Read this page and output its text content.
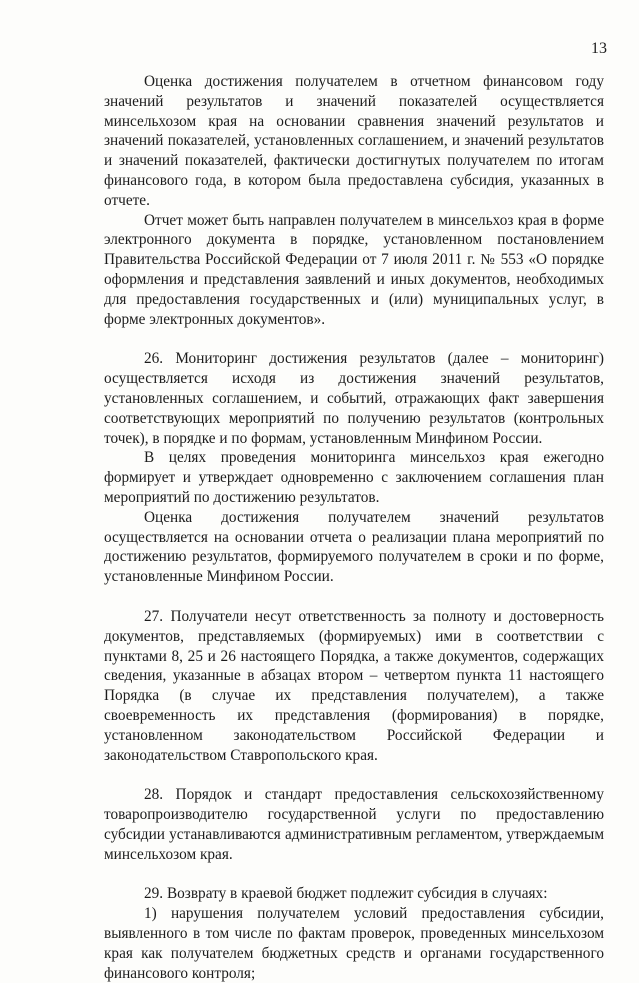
13

Оценка достижения получателем в отчетном финансовом году значений результатов и значений показателей осуществляется минсельхозом края на основании сравнения значений результатов и значений показателей, установленных соглашением, и значений результатов и значений показателей, фактически достигнутых получателем по итогам финансового года, в котором была предоставлена субсидия, указанных в отчете.

Отчет может быть направлен получателем в минсельхоз края в форме электронного документа в порядке, установленном постановлением Правительства Российской Федерации от 7 июля 2011 г. № 553 «О порядке оформления и представления заявлений и иных документов, необходимых для предоставления государственных и (или) муниципальных услуг, в форме электронных документов».

26. Мониторинг достижения результатов (далее – мониторинг) осуществляется исходя из достижения значений результатов, установленных соглашением, и событий, отражающих факт завершения соответствующих мероприятий по получению результатов (контрольных точек), в порядке и по формам, установленным Минфином России.

В целях проведения мониторинга минсельхоз края ежегодно формирует и утверждает одновременно с заключением соглашения план мероприятий по достижению результатов.

Оценка достижения получателем значений результатов осуществляется на основании отчета о реализации плана мероприятий по достижению результатов, формируемого получателем в сроки и по форме, установленные Минфином России.

27. Получатели несут ответственность за полноту и достоверность документов, представляемых (формируемых) ими в соответствии с пунктами 8, 25 и 26 настоящего Порядка, а также документов, содержащих сведения, указанные в абзацах втором – четвертом пункта 11 настоящего Порядка (в случае их представления получателем), а также своевременность их представления (формирования) в порядке, установленном законодательством Российской Федерации и законодательством Ставропольского края.

28. Порядок и стандарт предоставления сельскохозяйственному товаропроизводителю государственной услуги по предоставлению субсидии устанавливаются административным регламентом, утверждаемым минсельхозом края.

29. Возврату в краевой бюджет подлежит субсидия в случаях:

1) нарушения получателем условий предоставления субсидии, выявленного в том числе по фактам проверок, проведенных минсельхозом края как получателем бюджетных средств и органами государственного финансового контроля;
